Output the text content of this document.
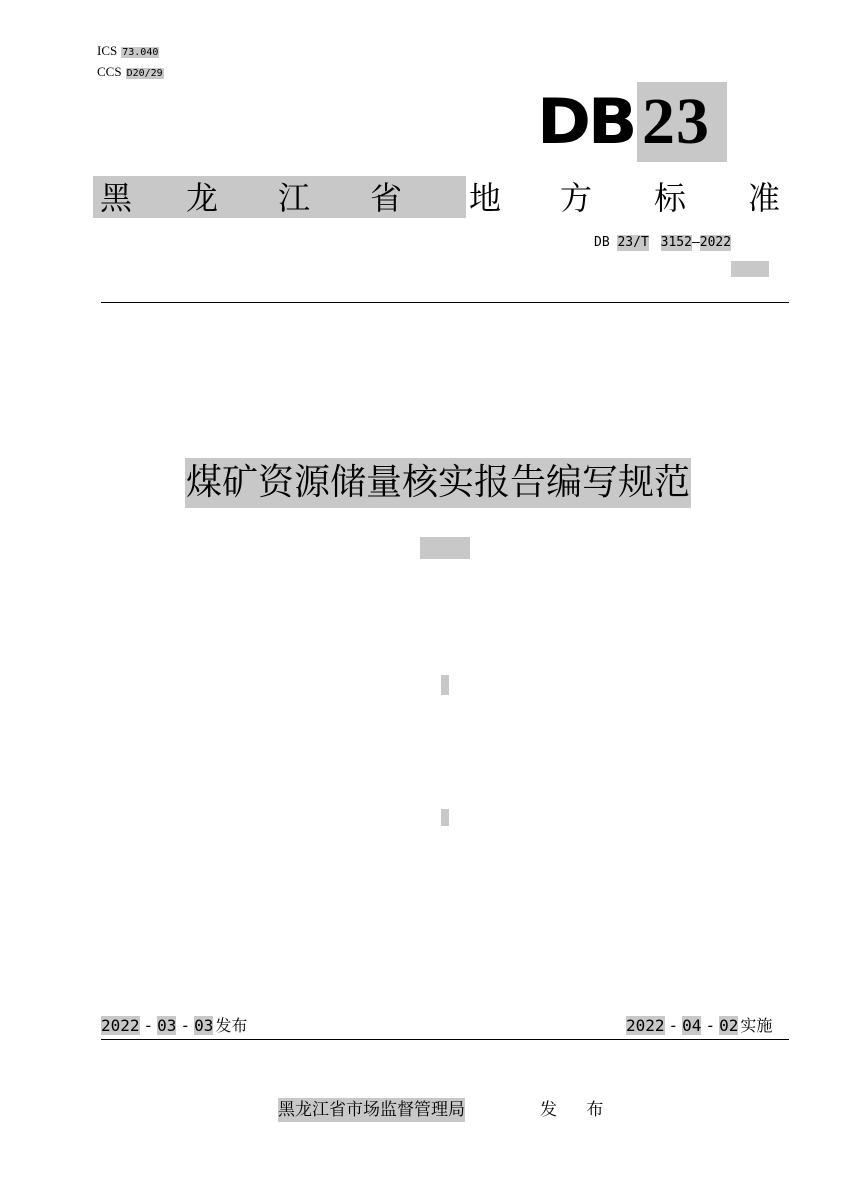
ICS 73.040
CCS D20/29
DB 23
黑 龙 江 省 地 方 标 准
DB 23/T 3152—2022
煤矿资源储量核实报告编写规范
2022 - 03 - 03 发布	2022 - 04 - 02 实施
黑龙江省市场监督管理局	发 布
